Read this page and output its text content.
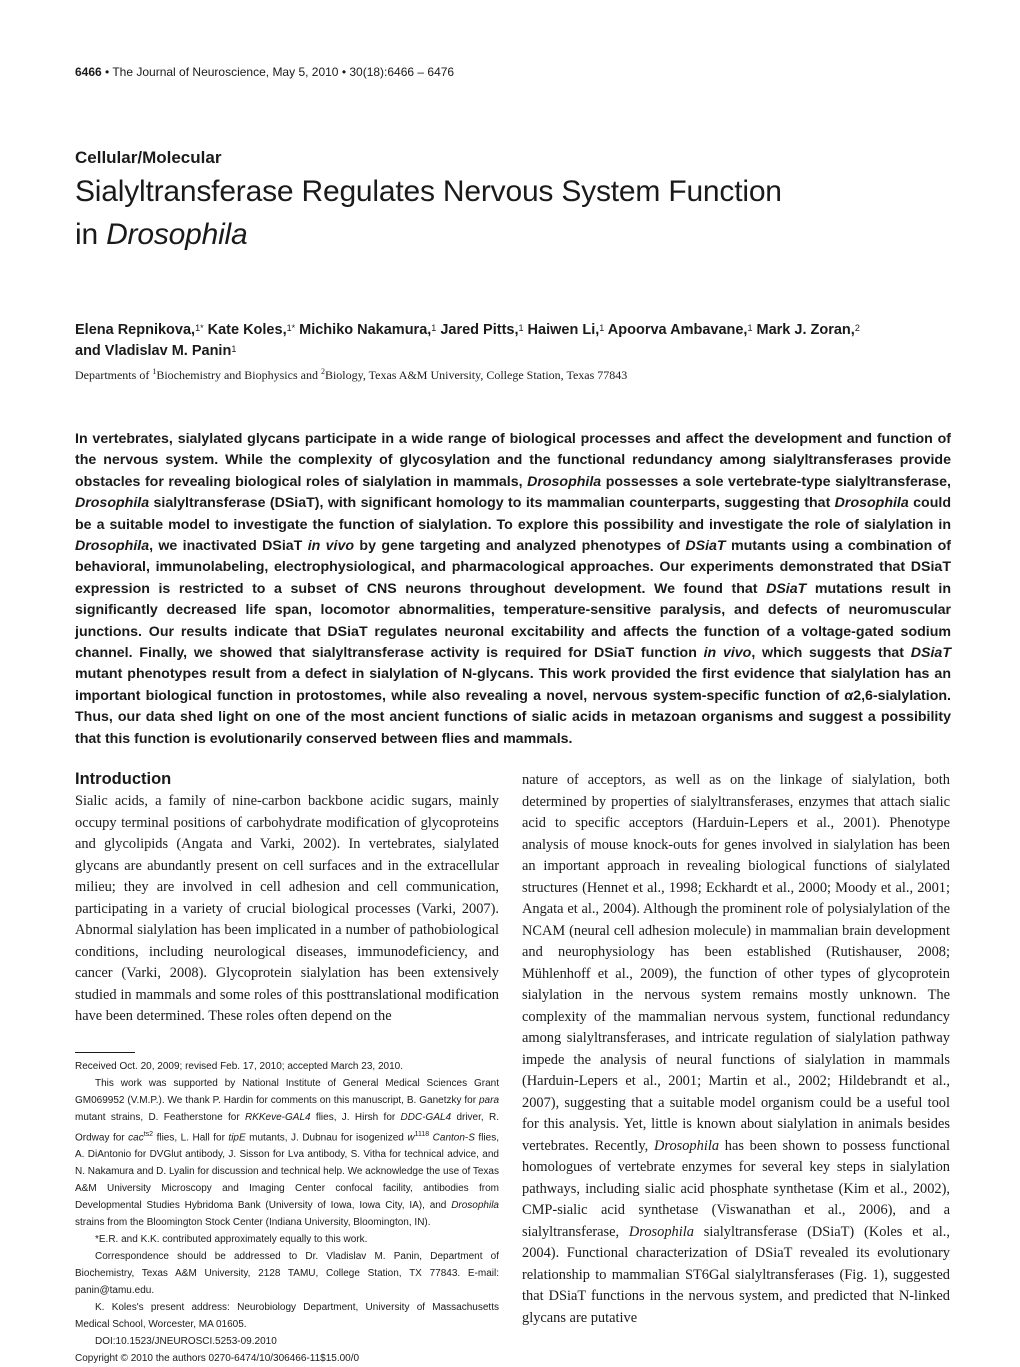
6466 • The Journal of Neuroscience, May 5, 2010 • 30(18):6466 – 6476
Cellular/Molecular
Sialyltransferase Regulates Nervous System Function
in Drosophila
Elena Repnikova,$^{1*}$ Kate Koles,$^{1*}$ Michiko Nakamura,$^1$ Jared Pitts,$^1$ Haiwen Li,$^1$ Apoorva Ambavane,$^1$ Mark J. Zoran,$^2$
and Vladislav M. Panin$^1$
Departments of $^1$Biochemistry and Biophysics and $^2$Biology, Texas A&M University, College Station, Texas 77843
In vertebrates, sialylated glycans participate in a wide range of biological processes and affect the development and function of the nervous system. While the complexity of glycosylation and the functional redundancy among sialyltransferases provide obstacles for revealing biological roles of sialylation in mammals, Drosophila possesses a sole vertebrate-type sialyltransferase, Drosophila sialyltransferase (DSiaT), with significant homology to its mammalian counterparts, suggesting that Drosophila could be a suitable model to investigate the function of sialylation. To explore this possibility and investigate the role of sialylation in Drosophila, we inactivated DSiaT in vivo by gene targeting and analyzed phenotypes of DSiaT mutants using a combination of behavioral, immunolabeling, electrophysiological, and pharmacological approaches. Our experiments demonstrated that DSiaT expression is restricted to a subset of CNS neurons throughout development. We found that DSiaT mutations result in significantly decreased life span, locomotor abnormalities, temperature-sensitive paralysis, and defects of neuromuscular junctions. Our results indicate that DSiaT regulates neuronal excitability and affects the function of a voltage-gated sodium channel. Finally, we showed that sialyltransferase activity is required for DSiaT function in vivo, which suggests that DSiaT mutant phenotypes result from a defect in sialylation of N-glycans. This work provided the first evidence that sialylation has an important biological function in protostomes, while also revealing a novel, nervous system-specific function of α2,6-sialylation. Thus, our data shed light on one of the most ancient functions of sialic acids in metazoan organisms and suggest a possibility that this function is evolutionarily conserved between flies and mammals.
Introduction

Sialic acids, a family of nine-carbon backbone acidic sugars, mainly occupy terminal positions of carbohydrate modification of glycoproteins and glycolipids (Angata and Varki, 2002). In vertebrates, sialylated glycans are abundantly present on cell surfaces and in the extracellular milieu; they are involved in cell adhesion and cell communication, participating in a variety of crucial biological processes (Varki, 2007). Abnormal sialylation has been implicated in a number of pathobiological conditions, including neurological diseases, immunodeficiency, and cancer (Varki, 2008). Glycoprotein sialylation has been extensively studied in mammals and some roles of this posttranslational modification have been determined. These roles often depend on the

Received Oct. 20, 2009; revised Feb. 17, 2010; accepted March 23, 2010.

This work was supported by National Institute of General Medical Sciences Grant GM069952 (V.M.P.). We thank P. Hardin for comments on this manuscript, B. Ganetzky for para mutant strains, D. Featherstone for RKKeve-GAL4 flies, J. Hirsh for DDC-GAL4 driver, R. Ordway for cac$^{ts2}$ flies, L. Hall for tipE mutants, J. Dubnau for isogenized $w^{1118}$ Canton-S flies, A. DiAntonio for DVGlut antibody, J. Sisson for Lva antibody, S. Vitha for technical advice, and N. Nakamura and D. Lyalin for discussion and technical help. We acknowledge the use of Texas A&M University Microscopy and Imaging Center confocal facility, antibodies from Developmental Studies Hybridoma Bank (University of Iowa, Iowa City, IA), and Drosophila strains from the Bloomington Stock Center (Indiana University, Bloomington, IN).

*E.R. and K.K. contributed approximately equally to this work.

Correspondence should be addressed to Dr. Vladislav M. Panin, Department of Biochemistry, Texas A&M University, 2128 TAMU, College Station, TX 77843. E-mail: panin@tamu.edu.

K. Koles's present address: Neurobiology Department, University of Massachusetts Medical School, Worcester, MA 01605.

DOI:10.1523/JNEUROSCI.5253-09.2010

Copyright © 2010 the authors 0270-6474/10/306466-11$15.00/0

nature of acceptors, as well as on the linkage of sialylation, both determined by properties of sialyltransferases, enzymes that attach sialic acid to specific acceptors (Harduin-Lepers et al., 2001). Phenotype analysis of mouse knock-outs for genes involved in sialylation has been an important approach in revealing biological functions of sialylated structures (Hennet et al., 1998; Eckhardt et al., 2000; Moody et al., 2001; Angata et al., 2004). Although the prominent role of polysialylation of the NCAM (neural cell adhesion molecule) in mammalian brain development and neurophysiology has been established (Rutishauser, 2008; Mühlenhoff et al., 2009), the function of other types of glycoprotein sialylation in the nervous system remains mostly unknown. The complexity of the mammalian nervous system, functional redundancy among sialyltransferases, and intricate regulation of sialylation pathway impede the analysis of neural functions of sialylation in mammals (Harduin-Lepers et al., 2001; Martin et al., 2002; Hildebrandt et al., 2007), suggesting that a suitable model organism could be a useful tool for this analysis. Yet, little is known about sialylation in animals besides vertebrates. Recently, Drosophila has been shown to possess functional homologues of vertebrate enzymes for several key steps in sialylation pathways, including sialic acid phosphate synthetase (Kim et al., 2002), CMP-sialic acid synthetase (Viswanathan et al., 2006), and a sialyltransferase, Drosophila sialyltransferase (DSiaT) (Koles et al., 2004). Functional characterization of DSiaT revealed its evolutionary relationship to mammalian ST6Gal sialyltransferases (Fig. 1), suggested that DSiaT functions in the nervous system, and predicted that N-linked glycans are putative
